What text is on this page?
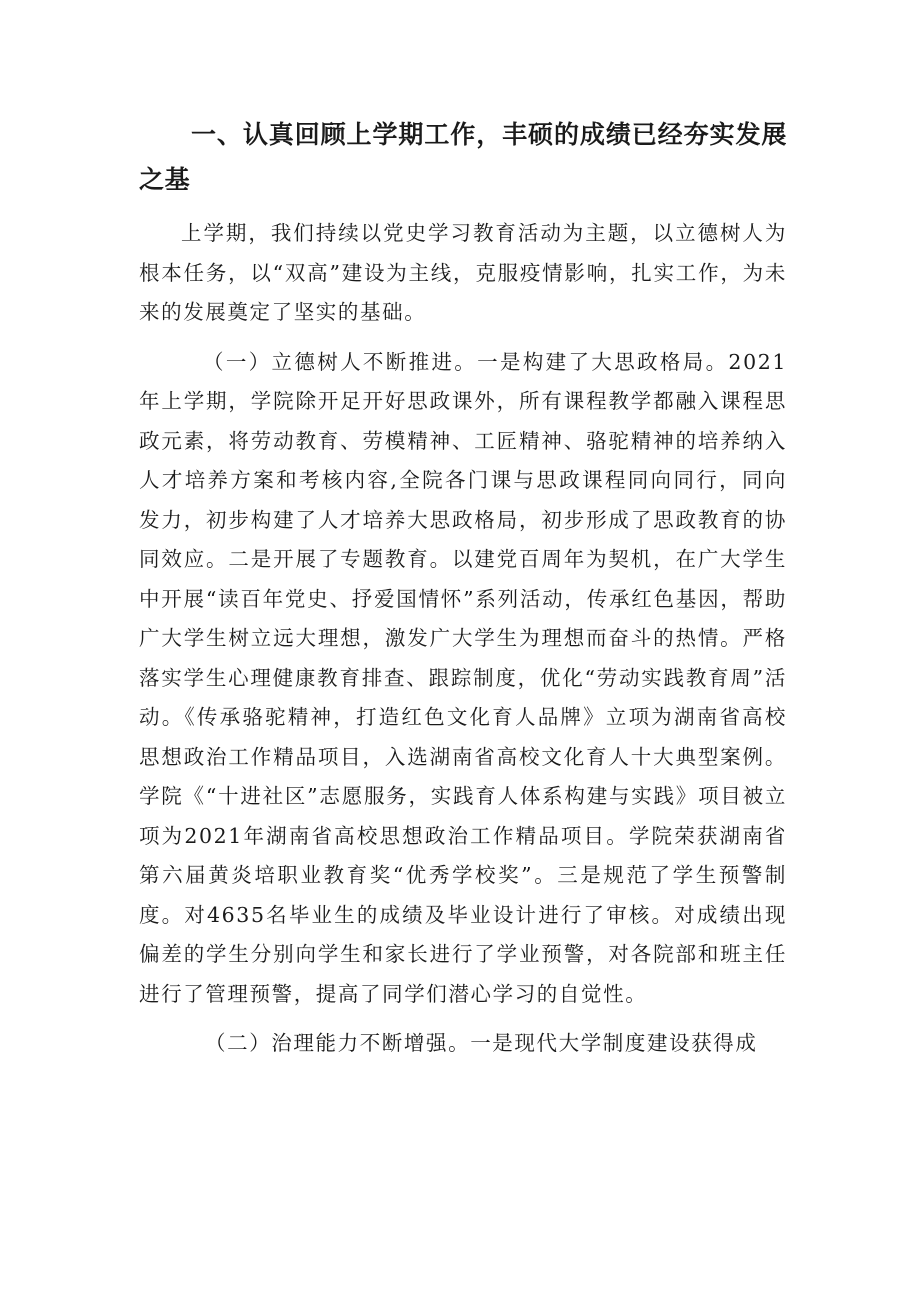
一、认真回顾上学期工作，丰硕的成绩已经夯实发展之基

上学期，我们持续以党史学习教育活动为主题，以立德树人为根本任务，以“双高”建设为主线，克服疫情影响，扎实工作，为未来的发展奠定了坚实的基础。

（一）立德树人不断推进。一是构建了大思政格局。2021年上学期，学院除开足开好思政课外，所有课程教学都融入课程思政元素，将劳动教育、劳模精神、工匠精神、骆驼精神的培养纳入人才培养方案和考核内容,全院各门课与思政课程同向同行，同向发力，初步构建了人才培养大思政格局，初步形成了思政教育的协同效应。二是开展了专题教育。以建党百周年为契机，在广大学生中开展“读百年党史、抒爱国情怀”系列活动，传承红色基因，帮助广大学生树立远大理想，激发广大学生为理想而奋斗的热情。严格落实学生心理健康教育排查、跟踪制度，优化“劳动实践教育周”活动。《传承骆驼精神，打造红色文化育人品牌》立项为湖南省高校思想政治工作精品项目，入选湖南省高校文化育人十大典型案例。学院《“十进社区”志愿服务，实践育人体系构建与实践》项目被立项为2021年湖南省高校思想政治工作精品项目。学院荣获湖南省第六届黄炎培职业教育奖“优秀学校奖”。三是规范了学生预警制度。对4635名毕业生的成绩及毕业设计进行了审核。对成绩出现偏差的学生分别向学生和家长进行了学业预警，对各院部和班主任进行了管理预警，提高了同学们潜心学习的自觉性。

（二）治理能力不断增强。一是现代大学制度建设获得成
